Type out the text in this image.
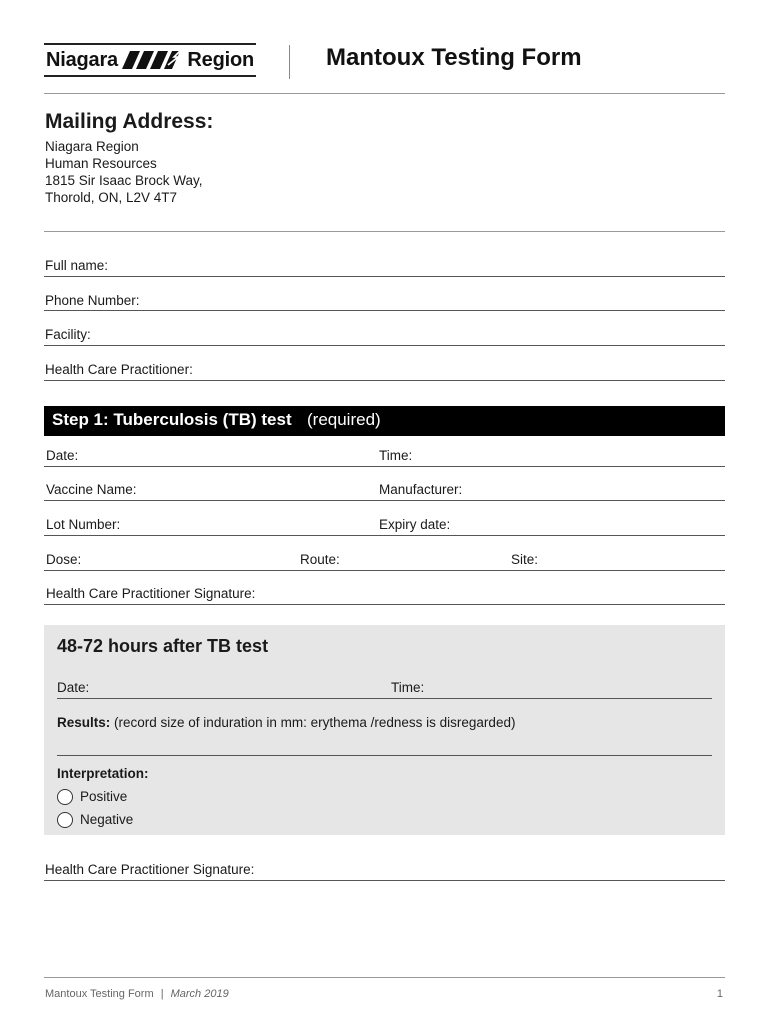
Niagara	Region	Mantoux Testing Form
Mailing Address:
Niagara Region
Human Resources
1815 Sir Isaac Brock Way,
Thorold, ON, L2V 4T7
Full name:
Phone Number:
Facility:
Health Care Practitioner:
Step 1: Tuberculosis (TB) test (required)
Date:	Time:
Vaccine Name:	Manufacturer:
Lot Number:	Expiry date:
Dose:	Route:	Site:
Health Care Practitioner Signature:
48-72 hours after TB test
Date:	Time:
Results: (record size of induration in mm: erythema /redness is disregarded)
Interpretation:
Positive
Negative
Health Care Practitioner Signature:
Mantoux Testing Form | March 2019	1
